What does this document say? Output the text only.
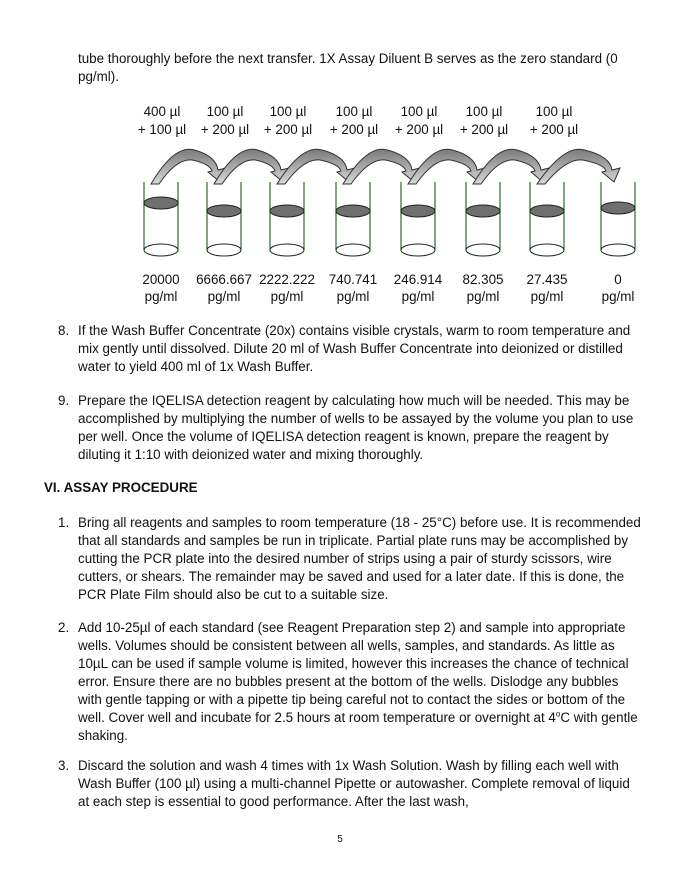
tube thoroughly before the next transfer. 1X Assay Diluent B serves as the zero standard (0 pg/ml).
400 µl
+ 100 µl
100 µl
+ 200 µl
100 µl
+ 200 µl
100 µl
+ 200 µl
100 µl
+ 200 µl
100 µl
+ 200 µl
100 µl
+ 200 µl
20000
pg/ml
6666.667
pg/ml
2222.222
pg/ml
740.741
pg/ml
246.914
pg/ml
82.305
pg/ml
27.435
pg/ml
0
pg/ml
8. If the Wash Buffer Concentrate (20x) contains visible crystals, warm to room temperature and mix gently until dissolved. Dilute 20 ml of Wash Buffer Concentrate into deionized or distilled water to yield 400 ml of 1x Wash Buffer.
9. Prepare the IQELISA detection reagent by calculating how much will be needed. This may be accomplished by multiplying the number of wells to be assayed by the volume you plan to use per well. Once the volume of IQELISA detection reagent is known, prepare the reagent by diluting it 1:10 with deionized water and mixing thoroughly.
VI. ASSAY PROCEDURE
1. Bring all reagents and samples to room temperature (18 - 25°C) before use. It is recommended that all standards and samples be run in triplicate. Partial plate runs may be accomplished by cutting the PCR plate into the desired number of strips using a pair of sturdy scissors, wire cutters, or shears. The remainder may be saved and used for a later date. If this is done, the PCR Plate Film should also be cut to a suitable size.
2. Add 10-25µl of each standard (see Reagent Preparation step 2) and sample into appropriate wells. Volumes should be consistent between all wells, samples, and standards. As little as 10µL can be used if sample volume is limited, however this increases the chance of technical error. Ensure there are no bubbles present at the bottom of the wells. Dislodge any bubbles with gentle tapping or with a pipette tip being careful not to contact the sides or bottom of the well. Cover well and incubate for 2.5 hours at room temperature or overnight at 4$^o$C with gentle shaking.
3. Discard the solution and wash 4 times with 1x Wash Solution. Wash by filling each well with Wash Buffer (100 µl) using a multi-channel Pipette or autowasher. Complete removal of liquid at each step is essential to good performance. After the last wash,
5
